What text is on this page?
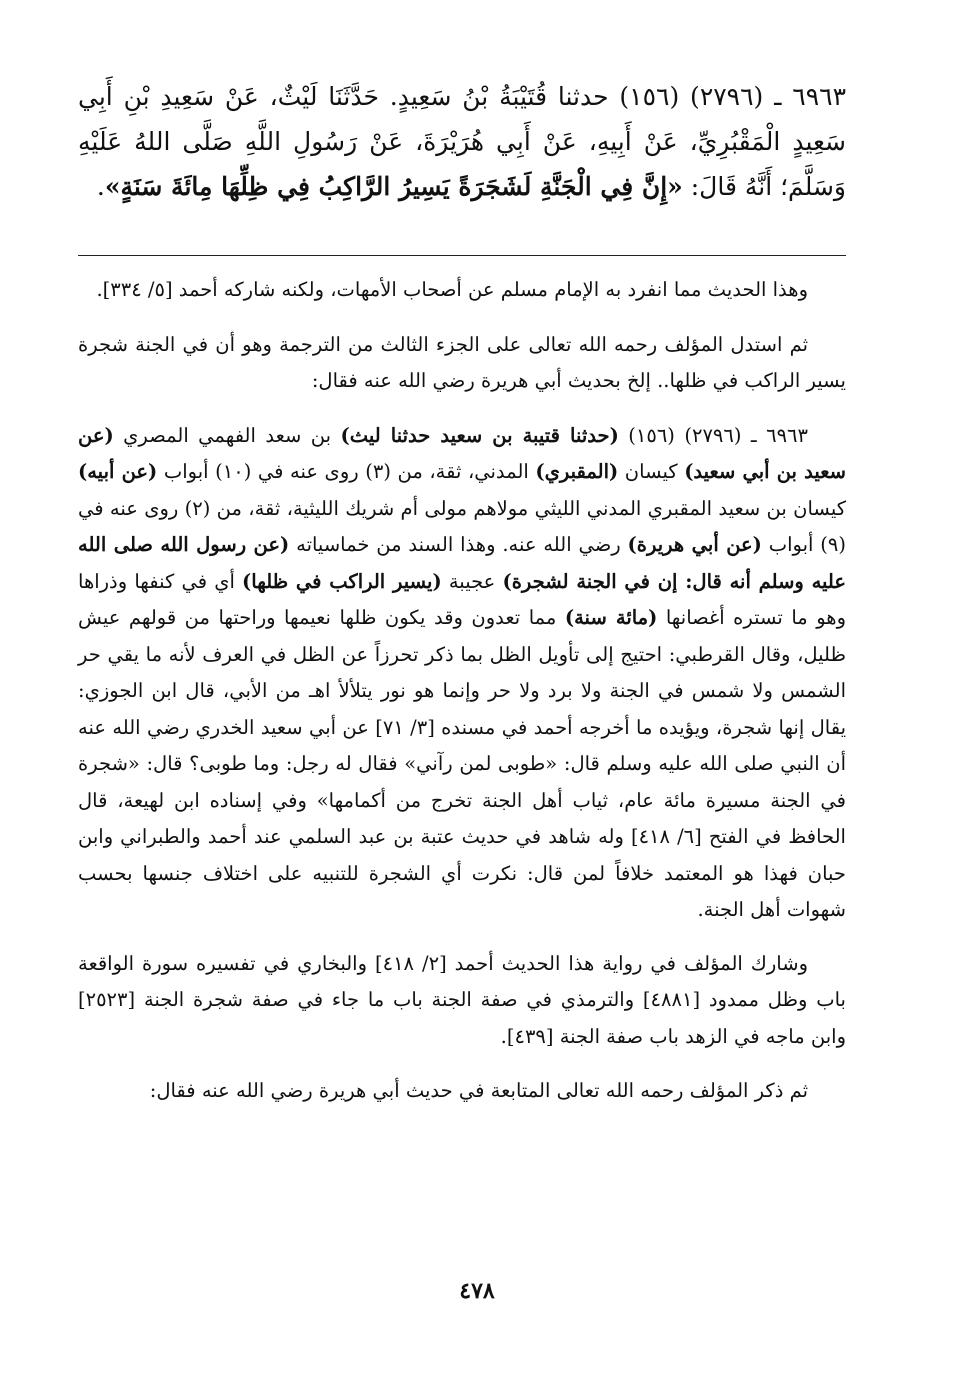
٦٩٦٣ ـ (٢٧٩٦) (١٥٦) حدثنا قُتَيْبَةُ بْنُ سَعِيدٍ. حَدَّثَنَا لَيْثٌ، عَنْ سَعِيدِ بْنِ أَبِي سَعِيدٍ الْمَقْبُرِيِّ، عَنْ أَبِيهِ، عَنْ أَبِي هُرَيْرَةَ، عَنْ رَسُولِ اللَّهِ صَلَّى اللهُ عَلَيْهِ وَسَلَّمَ؛ أَنَّهُ قَالَ: «إِنَّ فِي الْجَنَّةِ لَشَجَرَةً يَسِيرُ الرَّاكِبُ فِي ظِلِّهَا مِائَةَ سَنَةٍ».

وهذا الحديث مما انفرد به الإمام مسلم عن أصحاب الأمهات، ولكنه شاركه أحمد [٥/ ٣٣٤].

ثم استدل المؤلف رحمه الله تعالى على الجزء الثالث من الترجمة وهو أن في الجنة شجرة يسير الراكب في ظلها.. إلخ بحديث أبي هريرة رضي الله عنه فقال:

٦٩٦٣ ـ (٢٧٩٦) (١٥٦) (حدثنا قتيبة بن سعيد حدثنا ليث) بن سعد الفهمي المصري (عن سعيد بن أبي سعيد) كيسان (المقبري) المدني، ثقة، من (٣) روى عنه في (١٠) أبواب (عن أبيه) كيسان بن سعيد المقبري المدني الليثي مولاهم مولى أم شريك الليثية، ثقة، من (٢) روى عنه في (٩) أبواب (عن أبي هريرة) رضي الله عنه. وهذا السند من خماسياته (عن رسول الله صلى الله عليه وسلم أنه قال: إن في الجنة لشجرة) عجيبة (يسير الراكب في ظلها) أي في كنفها وذراها وهو ما تستره أغصانها (مائة سنة) مما تعدون وقد يكون ظلها نعيمها وراحتها من قولهم عيش ظليل، وقال القرطبي: احتيج إلى تأويل الظل بما ذكر تحرزاً عن الظل في العرف لأنه ما يقي حر الشمس ولا شمس في الجنة ولا برد ولا حر وإنما هو نور يتلألأ اهـ من الأبي، قال ابن الجوزي: يقال إنها شجرة، ويؤيده ما أخرجه أحمد في مسنده [٣/ ٧١] عن أبي سعيد الخدري رضي الله عنه أن النبي صلى الله عليه وسلم قال: «طوبى لمن رآني» فقال له رجل: وما طوبى؟ قال: «شجرة في الجنة مسيرة مائة عام، ثياب أهل الجنة تخرج من أكمامها» وفي إسناده ابن لهيعة، قال الحافظ في الفتح [٦/ ٤١٨] وله شاهد في حديث عتبة بن عبد السلمي عند أحمد والطبراني وابن حبان فهذا هو المعتمد خلافاً لمن قال: نكرت أي الشجرة للتنبيه على اختلاف جنسها بحسب شهوات أهل الجنة.

وشارك المؤلف في رواية هذا الحديث أحمد [٢/ ٤١٨] والبخاري في تفسيره سورة الواقعة باب وظل ممدود [٤٨٨١] والترمذي في صفة الجنة باب ما جاء في صفة شجرة الجنة [٢٥٢٣] وابن ماجه في الزهد باب صفة الجنة [٤٣٩].

ثم ذكر المؤلف رحمه الله تعالى المتابعة في حديث أبي هريرة رضي الله عنه فقال:

٤٧٨
